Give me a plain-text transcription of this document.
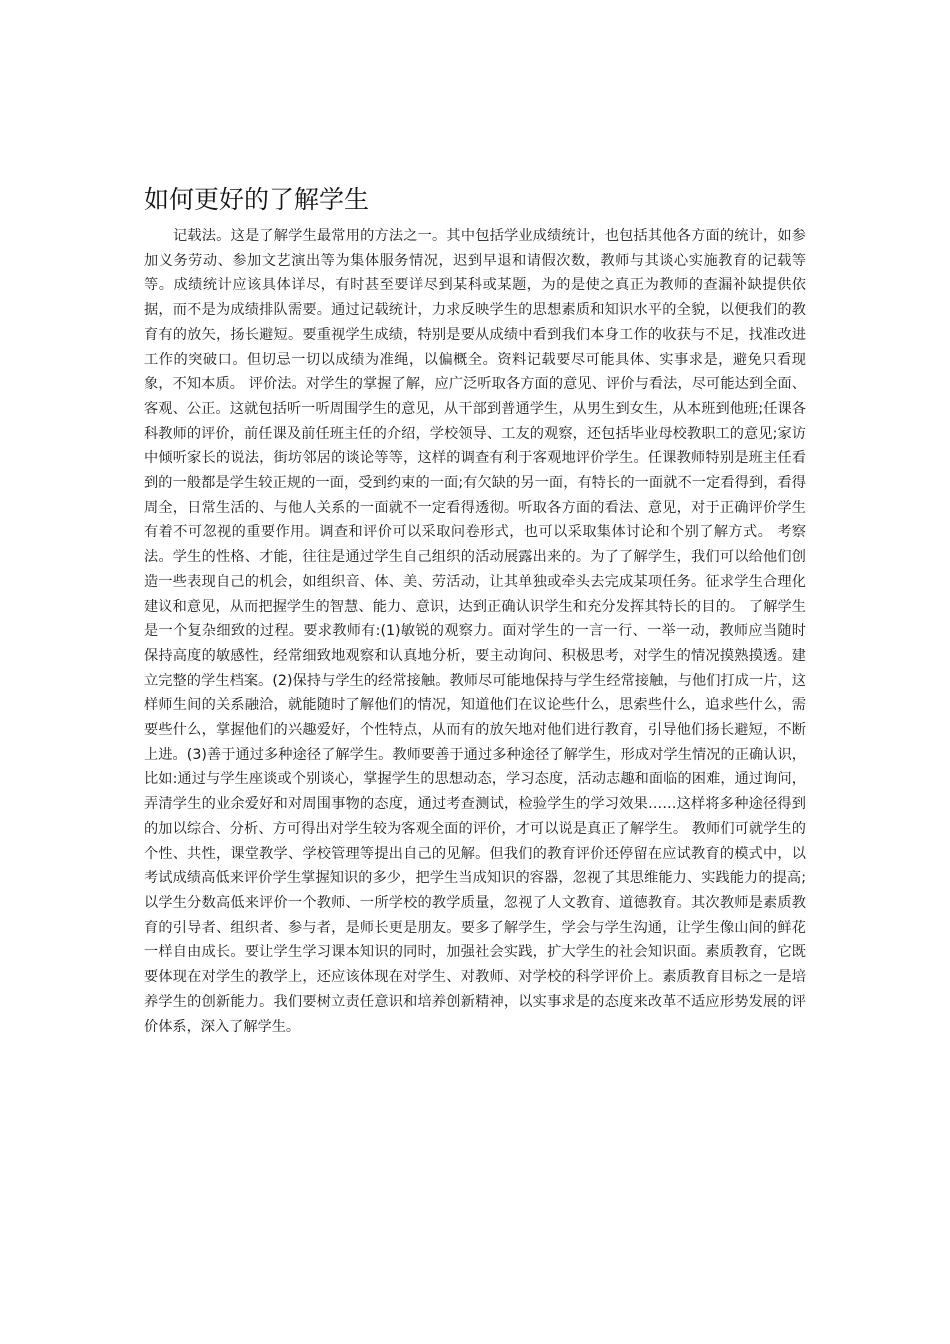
如何更好的了解学生

记载法。这是了解学生最常用的方法之一。其中包括学业成绩统计，也包括其他各方面的统计，如参加义务劳动、参加文艺演出等为集体服务情况，迟到早退和请假次数，教师与其谈心实施教育的记载等等。成绩统计应该具体详尽，有时甚至要详尽到某科或某题，为的是使之真正为教师的查漏补缺提供依据，而不是为成绩排队需要。通过记载统计，力求反映学生的思想素质和知识水平的全貌，以便我们的教育有的放矢，扬长避短。要重视学生成绩，特别是要从成绩中看到我们本身工作的收获与不足，找准改进工作的突破口。但切忌一切以成绩为准绳，以偏概全。资料记载要尽可能具体、实事求是，避免只看现象，不知本质。 评价法。对学生的掌握了解，应广泛听取各方面的意见、评价与看法，尽可能达到全面、客观、公正。这就包括听一听周围学生的意见，从干部到普通学生，从男生到女生，从本班到他班;任课各科教师的评价，前任课及前任班主任的介绍，学校领导、工友的观察，还包括毕业母校教职工的意见;家访中倾听家长的说法，街坊邻居的谈论等等，这样的调查有利于客观地评价学生。任课教师特别是班主任看到的一般都是学生较正规的一面，受到约束的一面;有欠缺的另一面，有特长的一面就不一定看得到，看得周全，日常生活的、与他人关系的一面就不一定看得透彻。听取各方面的看法、意见，对于正确评价学生有着不可忽视的重要作用。调查和评价可以采取问卷形式，也可以采取集体讨论和个别了解方式。 考察法。学生的性格、才能，往往是通过学生自己组织的活动展露出来的。为了了解学生，我们可以给他们创造一些表现自己的机会，如组织音、体、美、劳活动，让其单独或牵头去完成某项任务。征求学生合理化建议和意见，从而把握学生的智慧、能力、意识，达到正确认识学生和充分发挥其特长的目的。 了解学生是一个复杂细致的过程。要求教师有:(1)敏锐的观察力。面对学生的一言一行、一举一动，教师应当随时保持高度的敏感性，经常细致地观察和认真地分析，要主动询问、积极思考，对学生的情况摸熟摸透。建立完整的学生档案。(2)保持与学生的经常接触。教师尽可能地保持与学生经常接触，与他们打成一片，这样师生间的关系融洽，就能随时了解他们的情况，知道他们在议论些什么，思索些什么，追求些什么，需要些什么，掌握他们的兴趣爱好，个性特点，从而有的放矢地对他们进行教育，引导他们扬长避短，不断上进。(3)善于通过多种途径了解学生。教师要善于通过多种途径了解学生，形成对学生情况的正确认识，比如:通过与学生座谈或个别谈心，掌握学生的思想动态，学习态度，活动志趣和面临的困难，通过询问，弄清学生的业余爱好和对周围事物的态度，通过考查测试，检验学生的学习效果……这样将多种途径得到的加以综合、分析、方可得出对学生较为客观全面的评价，才可以说是真正了解学生。 教师们可就学生的个性、共性，课堂教学、学校管理等提出自己的见解。但我们的教育评价还停留在应试教育的模式中，以考试成绩高低来评价学生掌握知识的多少，把学生当成知识的容器，忽视了其思维能力、实践能力的提高;以学生分数高低来评价一个教师、一所学校的教学质量，忽视了人文教育、道德教育。其次教师是素质教育的引导者、组织者、参与者，是师长更是朋友。要多了解学生，学会与学生沟通，让学生像山间的鲜花一样自由成长。要让学生学习课本知识的同时，加强社会实践，扩大学生的社会知识面。素质教育，它既要体现在对学生的教学上，还应该体现在对学生、对教师、对学校的科学评价上。素质教育目标之一是培养学生的创新能力。我们要树立责任意识和培养创新精神，以实事求是的态度来改革不适应形势发展的评价体系，深入了解学生。
